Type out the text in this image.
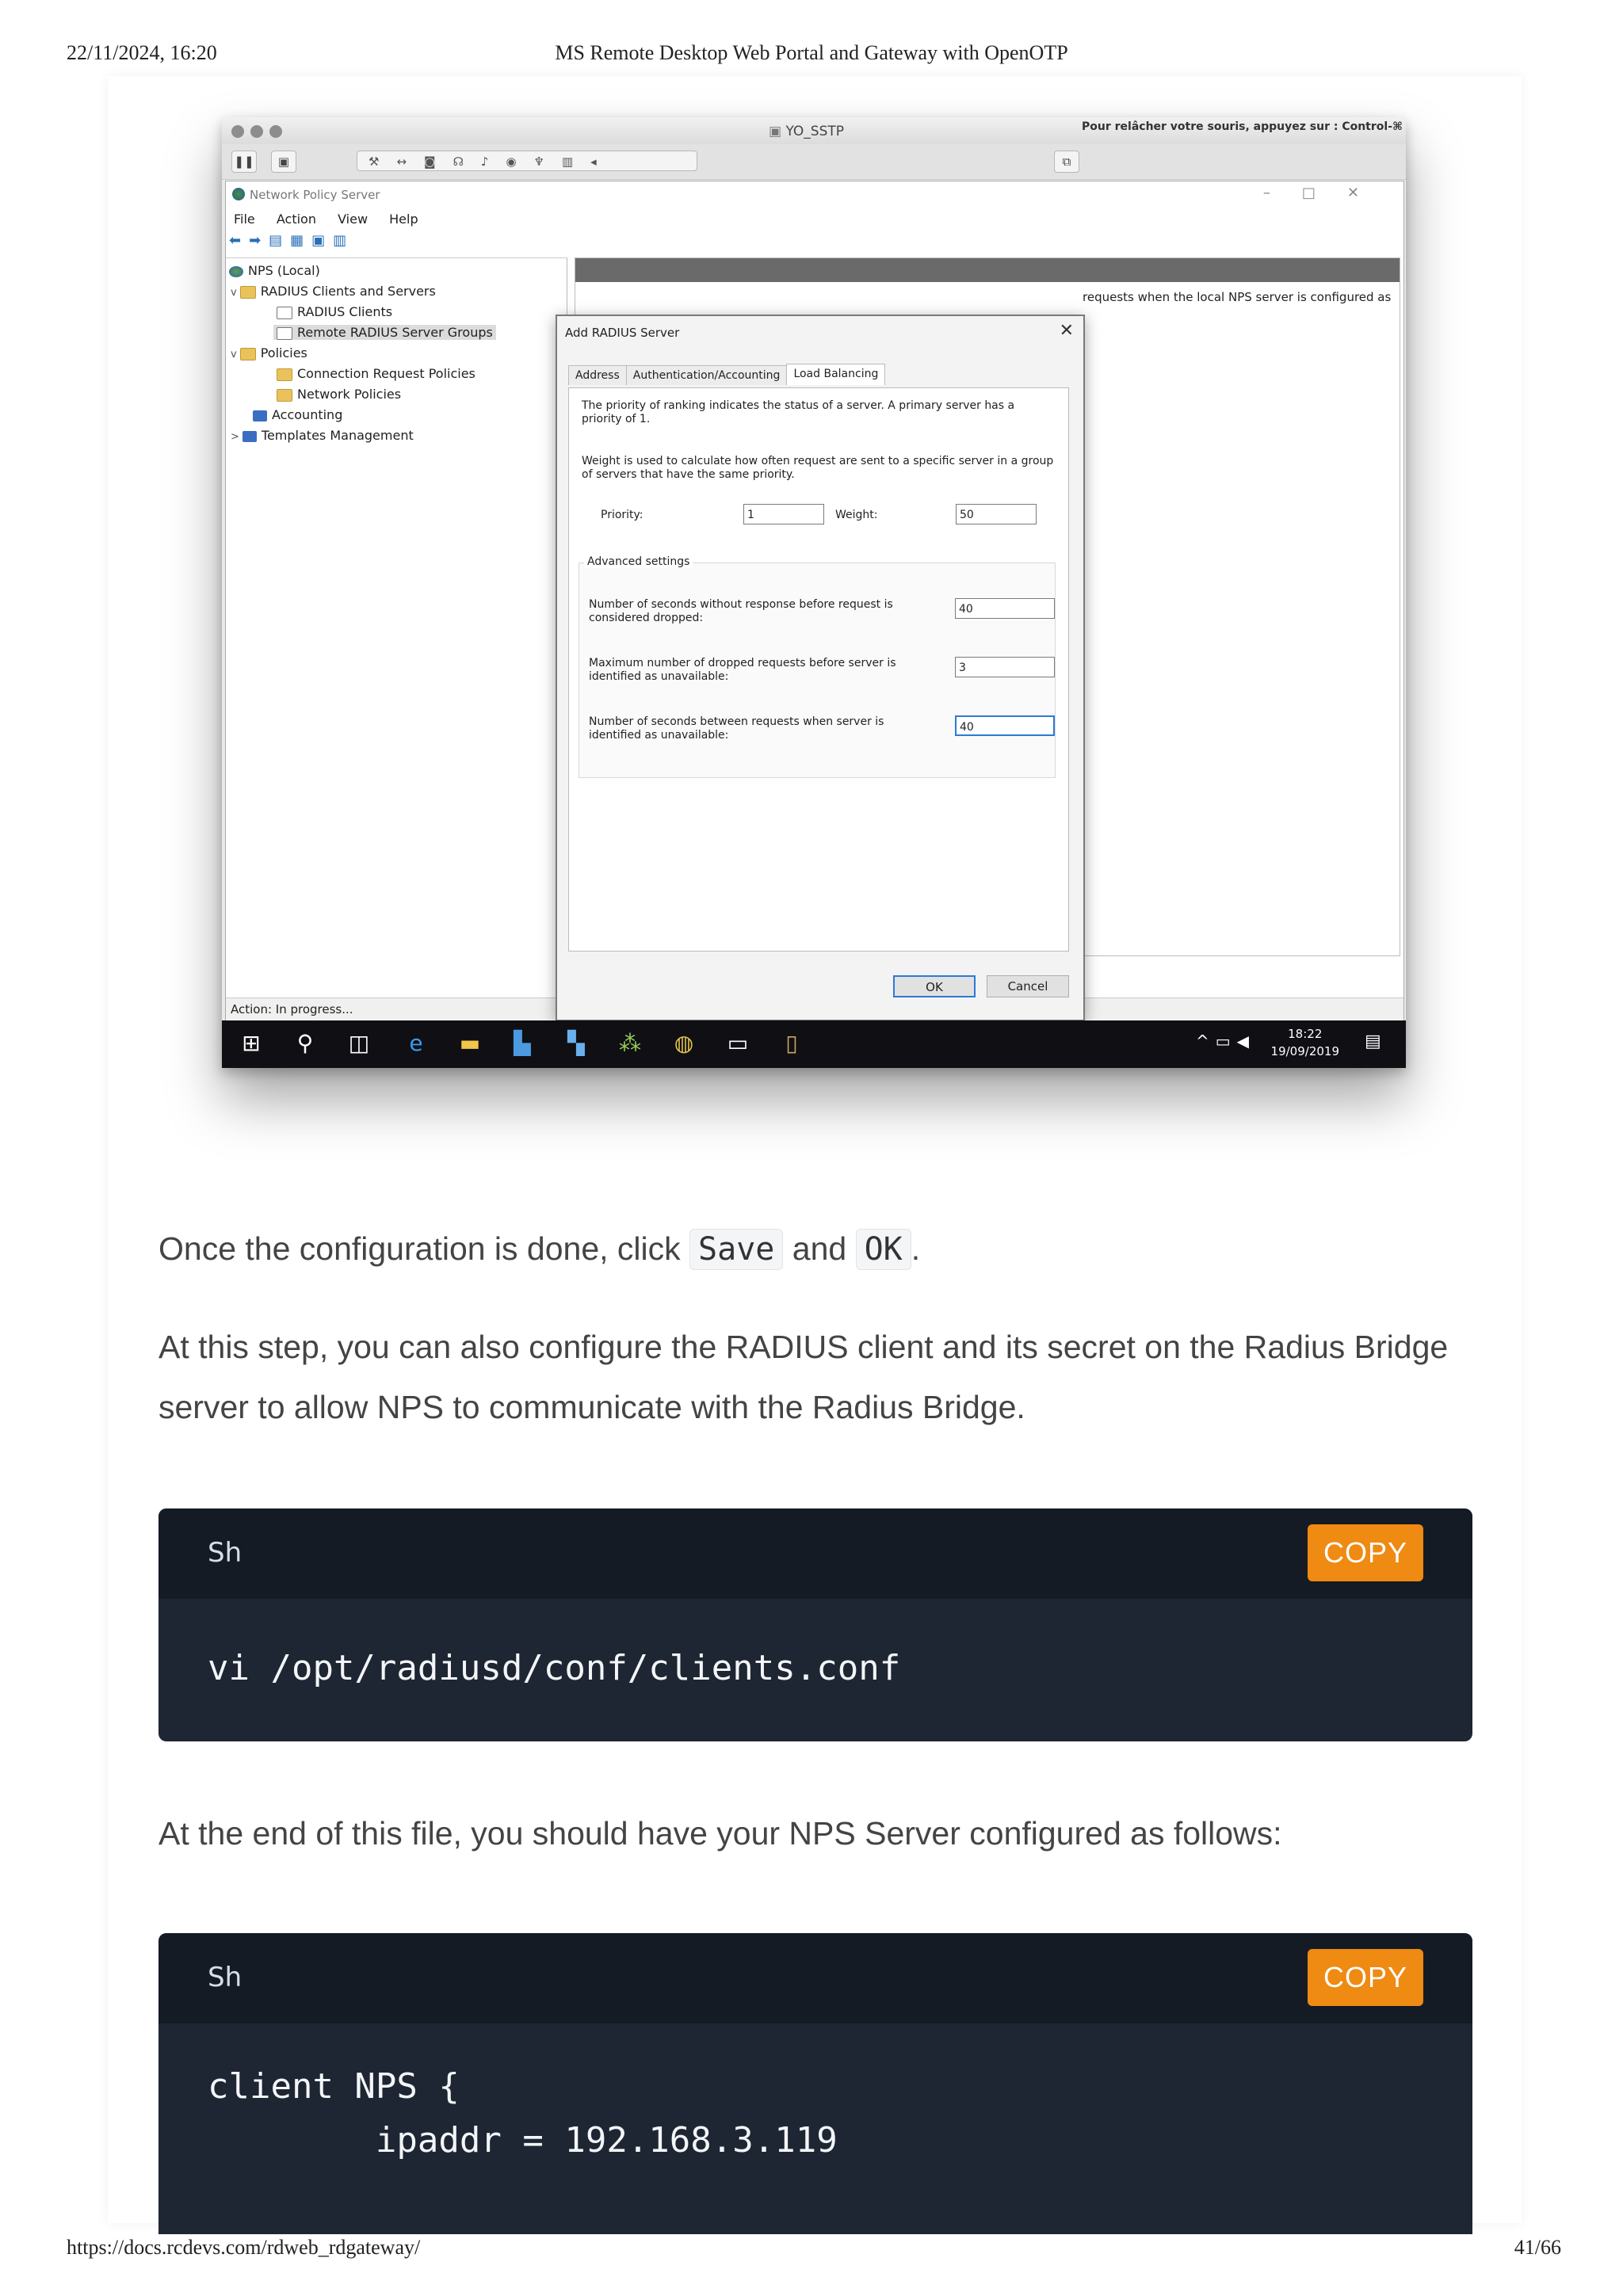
22/11/2024, 16:20	MS Remote Desktop Web Portal and Gateway with OpenOTP
▣ YO_SSTP	Pour relâcher votre souris, appuyez sur : Control-⌘
❚❚	▣	⚒↔◙☊♪◉♆▥◂	⧉
Network Policy Server	–□✕
File Action View Help
⬅➡▤▦▣▥
NPS (Local)
v RADIUS Clients and Servers
RADIUS Clients
Remote RADIUS Server Groups
v Policies
Connection Request Policies
Network Policies
Accounting
> Templates Management
requests when the local NPS server is configured as
Action: In progress...
Add RADIUS Server	✕
Address Authentication/Accounting Load Balancing
The priority of ranking indicates the status of a server. A primary server has a priority of 1.
Weight is used to calculate how often request are sent to a specific server in a group of servers that have the same priority.
Priority:	1	Weight:	50
Advanced settings
Number of seconds without response before request is considered dropped:
40
Maximum number of dropped requests before server is identified as unavailable:
3
Number of seconds between requests when server is identified as unavailable:
40
OK	Cancel
⊞ ⚲ ◫ e ▬ ▙ ▚ ⁂ ◍ ▭	▯	^▭◀	18:22
19/09/2019 ▤
Once the configuration is done, click Save and OK .
At this step, you can also configure the RADIUS client and its secret on the Radius Bridge server to allow NPS to communicate with the Radius Bridge.
Sh	COPY
vi /opt/radiusd/conf/clients.conf
At the end of this file, you should have your NPS Server configured as follows:
Sh	COPY
client NPS {
ipaddr = 192.168.3.119
https://docs.rcdevs.com/rdweb_rdgateway/	41/66
